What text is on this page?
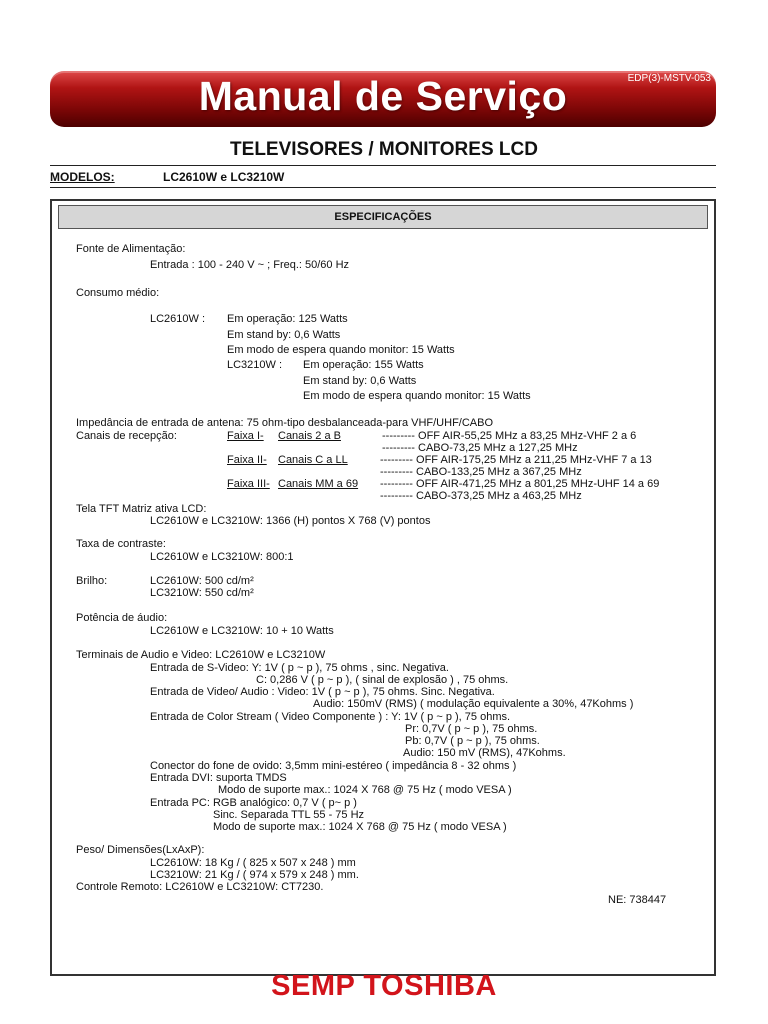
Manual de Serviço	EDP(3)-MSTV-053
TELEVISORES / MONITORES LCD
MODELOS:	LC2610W e LC3210W
ESPECIFICAÇÕES
Fonte de Alimentação:
Entrada : 100 - 240 V ~ ; Freq.: 50/60 Hz
Consumo médio:
LC2610W : Em operação: 125 Watts
Em stand by: 0,6 Watts
Em modo de espera quando monitor: 15 Watts
LC3210W : Em operação: 155 Watts
Em stand by: 0,6 Watts
Em modo de espera quando monitor: 15 Watts
Impedância de entrada de antena: 75 ohm-tipo desbalanceada-para VHF/UHF/CABO
Canais de recepção:	Faixa I- Canais 2 a B	--------- OFF AIR-55,25 MHz a 83,25 MHz-VHF 2 a 6
--------- CABO-73,25 MHz a 127,25 MHz
Faixa II- Canais C a LL	--------- OFF AIR-175,25 MHz a 211,25 MHz-VHF 7 a 13
--------- CABO-133,25 MHz a 367,25 MHz
Faixa III- Canais MM a 69 --------- OFF AIR-471,25 MHz a 801,25 MHz-UHF 14 a 69
--------- CABO-373,25 MHz a 463,25 MHz
Tela TFT Matriz ativa LCD:
LC2610W e LC3210W: 1366 (H) pontos X 768 (V) pontos
Taxa de contraste:
LC2610W e LC3210W: 800:1
Brilho:	LC2610W: 500 cd/m²
LC3210W: 550 cd/m²
Potência de áudio:
LC2610W e LC3210W: 10 + 10 Watts
Terminais de Audio e Video: LC2610W e LC3210W
Entrada de S-Video: Y: 1V ( p ~ p ), 75 ohms , sinc. Negativa.
C: 0,286 V ( p ~ p ), ( sinal de explosão ) , 75 ohms.
Entrada de Video/ Audio : Video: 1V ( p ~ p ), 75 ohms. Sinc. Negativa.
Audio: 150mV (RMS) ( modulação equivalente a 30%, 47Kohms )
Entrada de Color Stream ( Video Componente ) : Y: 1V ( p ~ p ), 75 ohms.
Pr: 0,7V ( p ~ p ), 75 ohms.
Pb: 0,7V ( p ~ p ), 75 ohms.
Audio: 150 mV (RMS), 47Kohms.
Conector do fone de ovido: 3,5mm mini-estéreo ( impedância 8 - 32 ohms )
Entrada DVI: suporta TMDS
Modo de suporte max.: 1024 X 768 @ 75 Hz ( modo VESA )
Entrada PC: RGB analógico: 0,7 V ( p~ p )
Sinc. Separada TTL 55 - 75 Hz
Modo de suporte max.: 1024 X 768 @ 75 Hz ( modo VESA )
Peso/ Dimensões(LxAxP):
LC2610W: 18 Kg / ( 825 x 507 x 248 ) mm
LC3210W: 21 Kg / ( 974 x 579 x 248 ) mm.
Controle Remoto: LC2610W e LC3210W: CT7230.
NE: 738447
SEMP TOSHIBA
